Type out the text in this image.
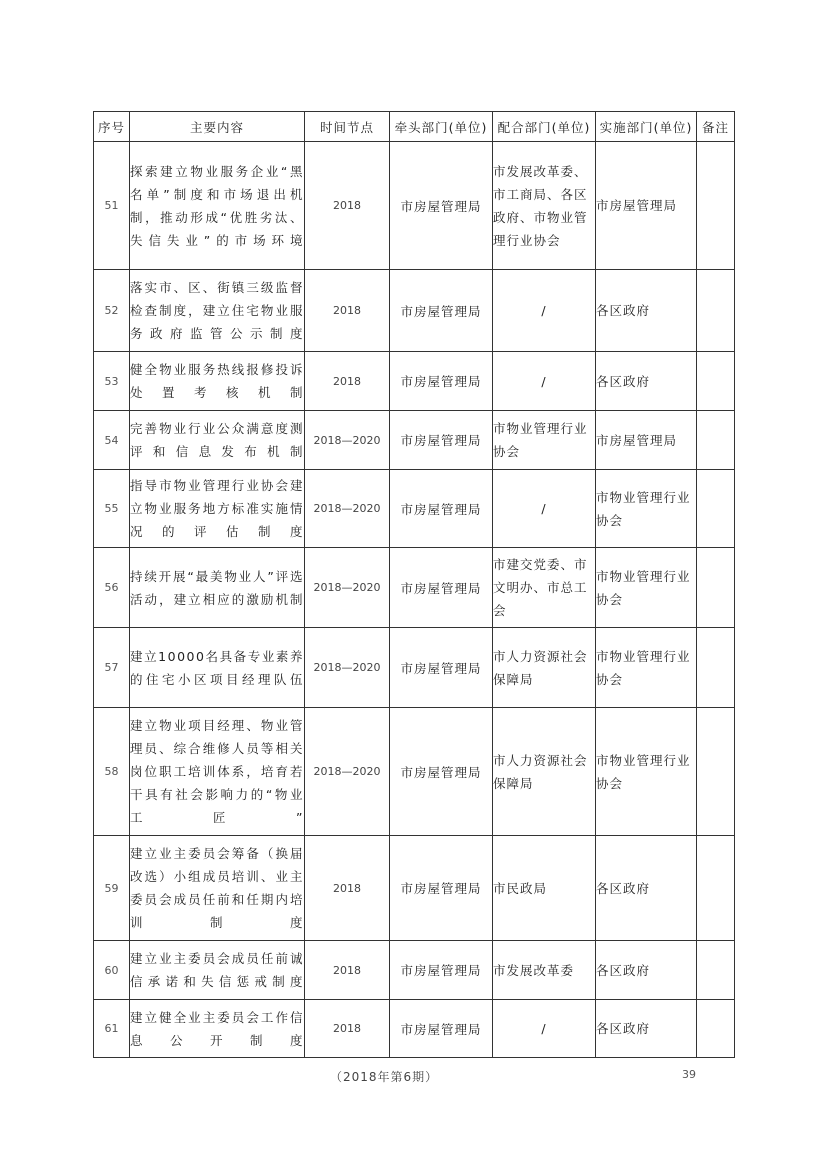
序号	主要内容	时间节点	牵头部门(单位)	配合部门(单位)	实施部门(单位)	备注
51	探索建立物业服务企业“黑名单”制度和市场退出机制，推动形成“优胜劣汰、失信失业”的市场环境	2018	市房屋管理局	市发展改革委、市工商局、各区政府、市物业管理行业协会	市房屋管理局	
52	落实市、区、街镇三级监督检查制度，建立住宅物业服务政府监管公示制度	2018	市房屋管理局	/	各区政府	
53	健全物业服务热线报修投诉处置考核机制	2018	市房屋管理局	/	各区政府	
54	完善物业行业公众满意度测评和信息发布机制	2018—2020	市房屋管理局	市物业管理行业协会	市房屋管理局	
55	指导市物业管理行业协会建立物业服务地方标准实施情况的评估制度	2018—2020	市房屋管理局	/	市物业管理行业协会	
56	持续开展“最美物业人”评选活动，建立相应的激励机制	2018—2020	市房屋管理局	市建交党委、市文明办、市总工会	市物业管理行业协会	
57	建立10000名具备专业素养的住宅小区项目经理队伍	2018—2020	市房屋管理局	市人力资源社会保障局	市物业管理行业协会	
58	建立物业项目经理、物业管理员、综合维修人员等相关岗位职工培训体系，培育若干具有社会影响力的“物业工匠”	2018—2020	市房屋管理局	市人力资源社会保障局	市物业管理行业协会	
59	建立业主委员会筹备（换届改选）小组成员培训、业主委员会成员任前和任期内培训制度	2018	市房屋管理局	市民政局	各区政府	
60	建立业主委员会成员任前诚信承诺和失信惩戒制度	2018	市房屋管理局	市发展改革委	各区政府	
61	建立健全业主委员会工作信息公开制度	2018	市房屋管理局	/	各区政府	
（2018年第6期）	39
